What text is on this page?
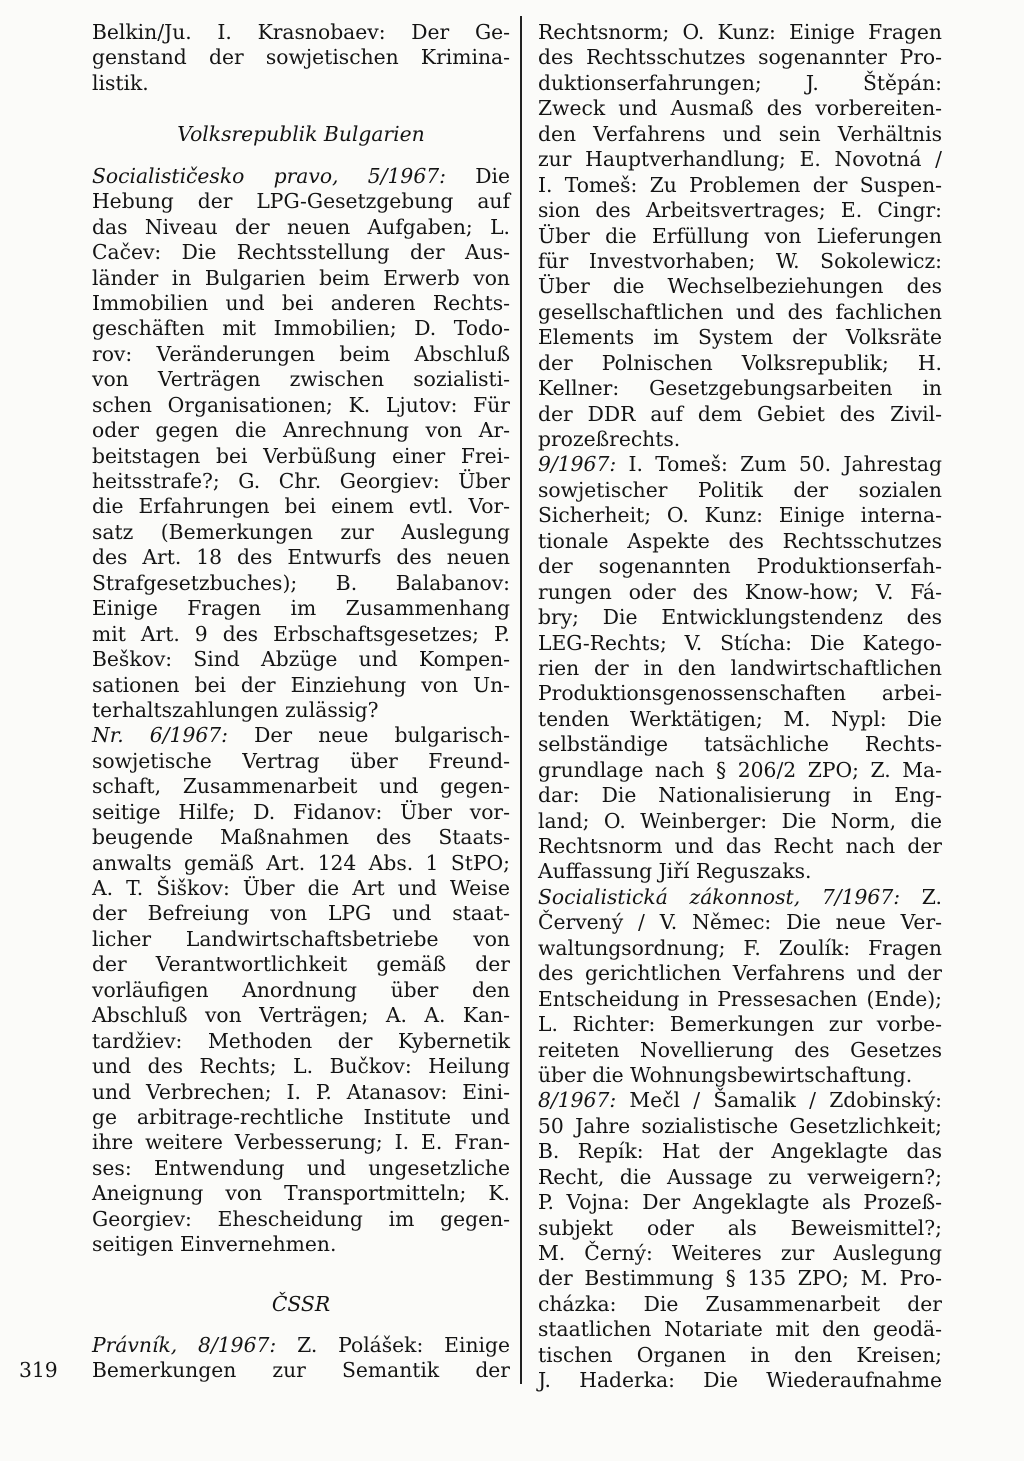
Belkin/Ju. I. Krasnobaev: Der Ge-
genstand der sowjetischen Krimina-
listik.
Volksrepublik Bulgarien
Socialističesko pravo, 5/1967: Die
Hebung der LPG-Gesetzgebung auf
das Niveau der neuen Aufgaben; L.
Cačev: Die Rechtsstellung der Aus-
länder in Bulgarien beim Erwerb von
Immobilien und bei anderen Rechts-
geschäften mit Immobilien; D. Todo-
rov: Veränderungen beim Abschluß
von Verträgen zwischen sozialisti-
schen Organisationen; K. Ljutov: Für
oder gegen die Anrechnung von Ar-
beitstagen bei Verbüßung einer Frei-
heitsstrafe?; G. Chr. Georgiev: Über
die Erfahrungen bei einem evtl. Vor-
satz (Bemerkungen zur Auslegung
des Art. 18 des Entwurfs des neuen
Strafgesetzbuches); B. Balabanov:
Einige Fragen im Zusammenhang
mit Art. 9 des Erbschaftsgesetzes; P.
Beškov: Sind Abzüge und Kompen-
sationen bei der Einziehung von Un-
terhaltszahlungen zulässig?
Nr. 6/1967: Der neue bulgarisch-
sowjetische Vertrag über Freund-
schaft, Zusammenarbeit und gegen-
seitige Hilfe; D. Fidanov: Über vor-
beugende Maßnahmen des Staats-
anwalts gemäß Art. 124 Abs. 1 StPO;
A. T. Šiškov: Über die Art und Weise
der Befreiung von LPG und staat-
licher Landwirtschaftsbetriebe von
der Verantwortlichkeit gemäß der
vorläufigen Anordnung über den
Abschluß von Verträgen; A. A. Kan-
tardžiev: Methoden der Kybernetik
und des Rechts; L. Bučkov: Heilung
und Verbrechen; I. P. Atanasov: Eini-
ge arbitrage-rechtliche Institute und
ihre weitere Verbesserung; I. E. Fran-
ses: Entwendung und ungesetzliche
Aneignung von Transportmitteln; K.
Georgiev: Ehescheidung im gegen-
seitigen Einvernehmen.
ČSSR
Právník, 8/1967: Z. Polášek: Einige
Bemerkungen zur Semantik der
Rechtsnorm; O. Kunz: Einige Fragen
des Rechtsschutzes sogenannter Pro-
duktionserfahrungen; J. Štěpán:
Zweck und Ausmaß des vorbereiten-
den Verfahrens und sein Verhältnis
zur Hauptverhandlung; E. Novotná /
I. Tomeš: Zu Problemen der Suspen-
sion des Arbeitsvertrages; E. Cingr:
Über die Erfüllung von Lieferungen
für Investvorhaben; W. Sokolewicz:
Über die Wechselbeziehungen des
gesellschaftlichen und des fachlichen
Elements im System der Volksräte
der Polnischen Volksrepublik; H.
Kellner: Gesetzgebungsarbeiten in
der DDR auf dem Gebiet des Zivil-
prozeßrechts.
9/1967: I. Tomeš: Zum 50. Jahrestag
sowjetischer Politik der sozialen
Sicherheit; O. Kunz: Einige interna-
tionale Aspekte des Rechtsschutzes
der sogenannten Produktionserfah-
rungen oder des Know-how; V. Fá-
bry; Die Entwicklungstendenz des
LEG-Rechts; V. Stícha: Die Katego-
rien der in den landwirtschaftlichen
Produktionsgenossenschaften arbei-
tenden Werktätigen; M. Nypl: Die
selbständige tatsächliche Rechts-
grundlage nach § 206/2 ZPO; Z. Ma-
dar: Die Nationalisierung in Eng-
land; O. Weinberger: Die Norm, die
Rechtsnorm und das Recht nach der
Auffassung Jiří Reguszaks.
Socialistická zákonnost, 7/1967: Z.
Červený / V. Němec: Die neue Ver-
waltungsordnung; F. Zoulík: Fragen
des gerichtlichen Verfahrens und der
Entscheidung in Pressesachen (Ende);
L. Richter: Bemerkungen zur vorbe-
reiteten Novellierung des Gesetzes
über die Wohnungsbewirtschaftung.
8/1967: Mečl / Šamalik / Zdobinský:
50 Jahre sozialistische Gesetzlichkeit;
B. Repík: Hat der Angeklagte das
Recht, die Aussage zu verweigern?;
P. Vojna: Der Angeklagte als Prozeß-
subjekt oder als Beweismittel?;
M. Černý: Weiteres zur Auslegung
der Bestimmung § 135 ZPO; M. Pro-
cházka: Die Zusammenarbeit der
staatlichen Notariate mit den geodä-
tischen Organen in den Kreisen;
J. Haderka: Die Wiederaufnahme
319
